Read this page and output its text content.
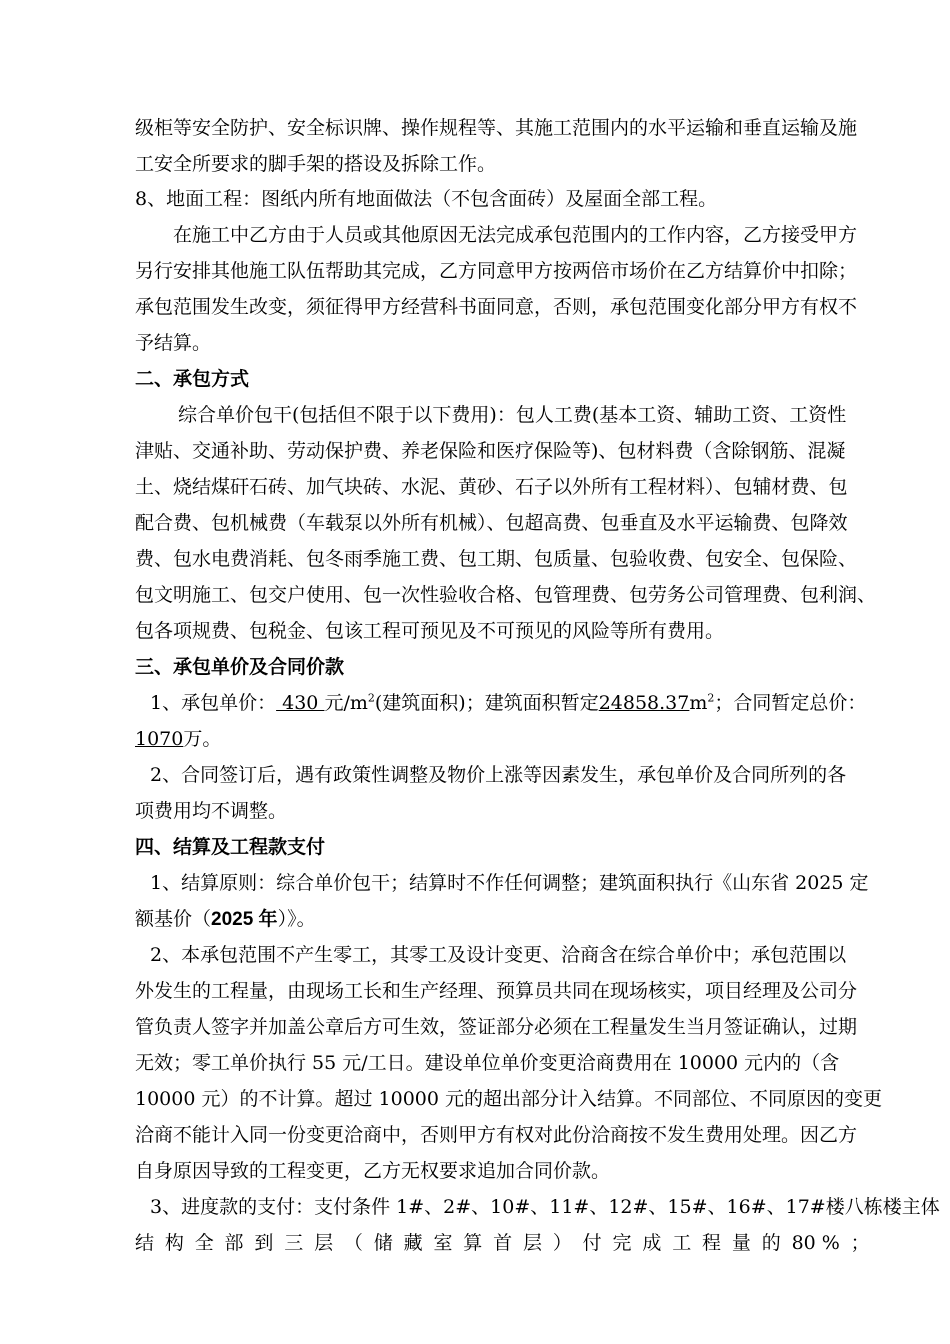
级柜等安全防护、安全标识牌、操作规程等、其施工范围内的水平运输和垂直运输及施
工安全所要求的脚手架的搭设及拆除工作。
8、地面工程：图纸内所有地面做法（不包含面砖）及屋面全部工程。
在施工中乙方由于人员或其他原因无法完成承包范围内的工作内容，乙方接受甲方
另行安排其他施工队伍帮助其完成，乙方同意甲方按两倍市场价在乙方结算价中扣除；
承包范围发生改变，须征得甲方经营科书面同意，否则，承包范围变化部分甲方有权不
予结算。
二、承包方式
综合单价包干(包括但不限于以下费用)：包人工费(基本工资、辅助工资、工资性
津贴、交通补助、劳动保护费、养老保险和医疗保险等)、包材料费（含除钢筋、混凝
土、烧结煤矸石砖、加气块砖、水泥、黄砂、石子以外所有工程材料）、包辅材费、包
配合费、包机械费（车载泵以外所有机械）、包超高费、包垂直及水平运输费、包降效
费、包水电费消耗、包冬雨季施工费、包工期、包质量、包验收费、包安全、包保险、
包文明施工、包交户使用、包一次性验收合格、包管理费、包劳务公司管理费、包利润、
包各项规费、包税金、包该工程可预见及不可预见的风险等所有费用。
三、承包单价及合同价款
1、承包单价： 430 元$/m^2$(建筑面积)；建筑面积暂定$24858.37m^2$；合同暂定总价：
1070万。
2、合同签订后，遇有政策性调整及物价上涨等因素发生，承包单价及合同所列的各
项费用均不调整。
四、结算及工程款支付
1、结算原则：综合单价包干；结算时不作任何调整；建筑面积执行《山东省 2025 定
额基价（2025 年）》。
2、本承包范围不产生零工，其零工及设计变更、洽商含在综合单价中；承包范围以
外发生的工程量，由现场工长和生产经理、预算员共同在现场核实，项目经理及公司分
管负责人签字并加盖公章后方可生效，签证部分必须在工程量发生当月签证确认，过期
无效；零工单价执行 55 元/工日。建设单位单价变更洽商费用在 10000 元内的（含
10000 元）的不计算。超过 10000 元的超出部分计入结算。不同部位、不同原因的变更
洽商不能计入同一份变更洽商中，否则甲方有权对此份洽商按不发生费用处理。因乙方
自身原因导致的工程变更，乙方无权要求追加合同价款。
3、进度款的支付：支付条件 1#、2#、10#、11#、12#、15#、16#、17#楼八栋楼主体
结 构 全 部 到 三 层 （ 储 藏 室 算 首 层 ） 付 完 成 工 程 量 的 80 % ；
